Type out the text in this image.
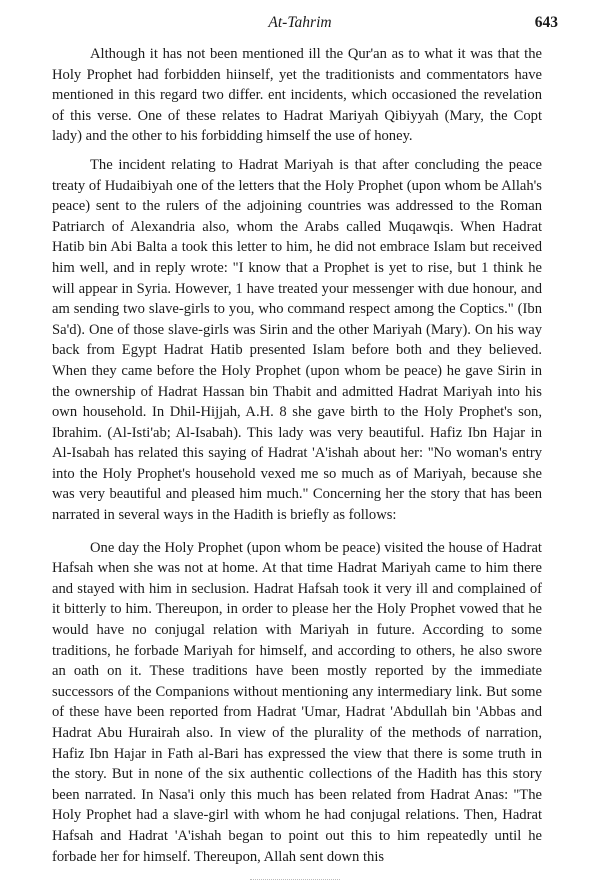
At-Tahrim	643

Although it has not been mentioned ill the Qur'an as to what it was that the Holy Prophet had forbidden hiinself, yet the traditionists and commentators have mentioned in this regard two differ. ent incidents, which occasioned the revelation of this verse. One of these relates to Hadrat Mariyah Qibiyyah (Mary, the Copt lady) and the other to his forbidding himself the use of honey.

The incident relating to Hadrat Mariyah is that after concluding the peace treaty of Hudaibiyah one of the letters that the Holy Prophet (upon whom be Allah's peace) sent to the rulers of the adjoining countries was addressed to the Roman Patriarch of Alexandria also, whom the Arabs called Muqawqis. When Hadrat Hatib bin Abi Balta a took this letter to him, he did not embrace Islam but received him well, and in reply wrote: "I know that a Prophet is yet to rise, but 1 think he will appear in Syria. However, 1 have treated your messenger with due honour, and am sending two slave-girls to you, who command respect among the Coptics." (Ibn Sa'd). One of those slave-girls was Sirin and the other Mariyah (Mary). On his way back from Egypt Hadrat Hatib presented Islam before both and they believed. When they came before the Holy Prophet (upon whom be peace) he gave Sirin in the ownership of Hadrat Hassan bin Thabit and admitted Hadrat Mariyah into his own household. In Dhil-Hijjah, A.H. 8 she gave birth to the Holy Prophet's son, Ibrahim. (Al-Isti'ab; Al-Isabah). This lady was very beautiful. Hafiz Ibn Hajar in Al-Isabah has related this saying of Hadrat 'A'ishah about her: "No woman's entry into the Holy Prophet's household vexed me so much as of Mariyah, because she was very beautiful and pleased him much." Concerning her the story that has been narrated in several ways in the Hadith is briefly as follows:

One day the Holy Prophet (upon whom be peace) visited the house of Hadrat Hafsah when she was not at home. At that time Hadrat Mariyah came to him there and stayed with him in seclusion. Hadrat Hafsah took it very ill and complained of it bitterly to him. Thereupon, in order to please her the Holy Prophet vowed that he would have no conjugal relation with Mariyah in future. According to some traditions, he forbade Mariyah for himself, and according to others, he also swore an oath on it. These traditions have been mostly reported by the immediate successors of the Companions without mentioning any intermediary link. But some of these have been reported from Hadrat 'Umar, Hadrat 'Abdullah bin 'Abbas and Hadrat Abu Hurairah also. In view of the plurality of the methods of narration, Hafiz Ibn Hajar in Fath al-Bari has expressed the view that there is some truth in the story. But in none of the six authentic collections of the Hadith has this story been narrated. In Nasa'i only this much has been related from Hadrat Anas: "The Holy Prophet had a slave-girl with whom he had conjugal relations. Then, Hadrat Hafsah and Hadrat 'A'ishah began to point out this to him repeatedly until he forbade her for himself. Thereupon, Allah sent down this
